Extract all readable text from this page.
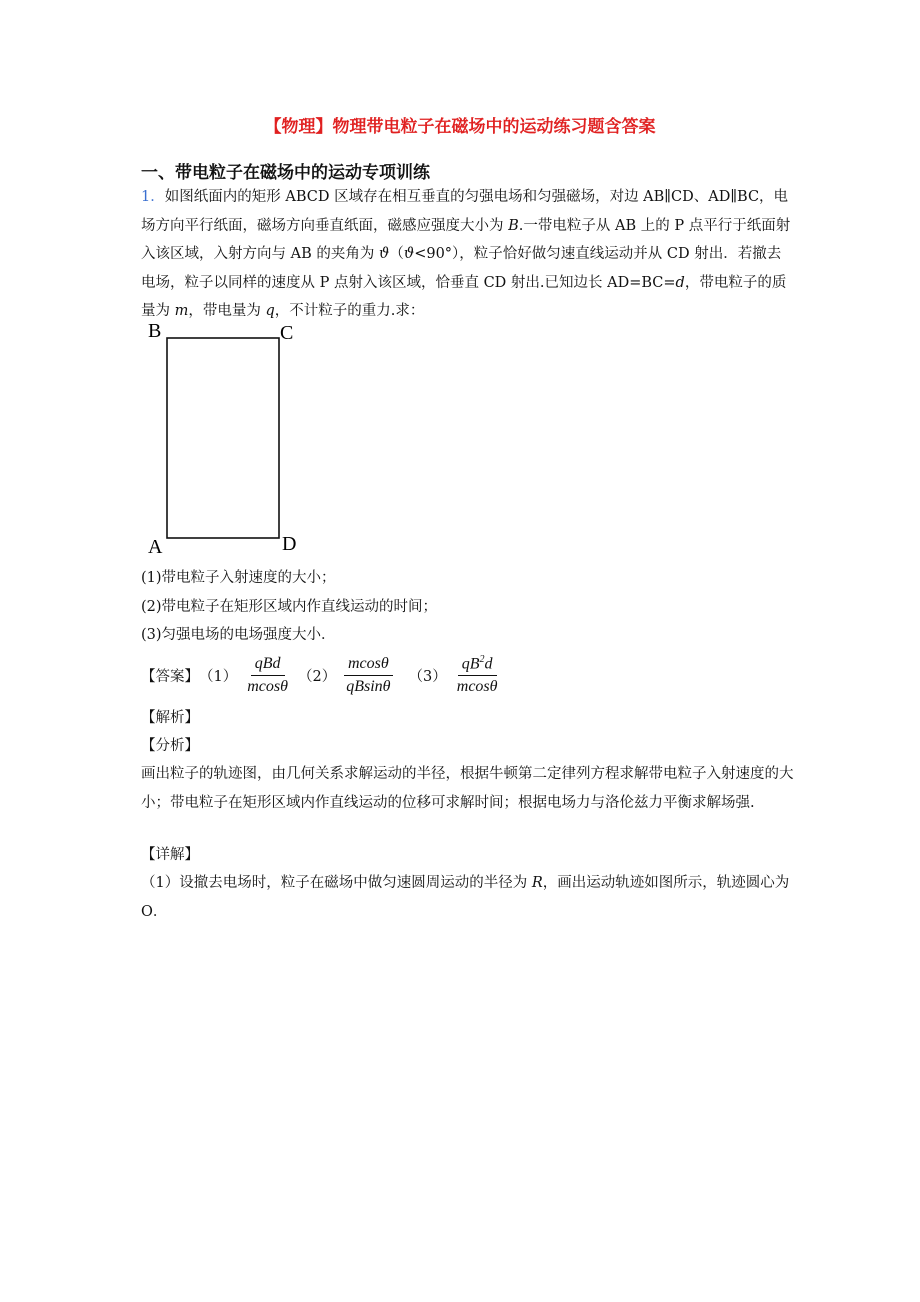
【物理】物理带电粒子在磁场中的运动练习题含答案
一、带电粒子在磁场中的运动专项训练
1．如图纸面内的矩形 ABCD 区域存在相互垂直的匀强电场和匀强磁场，对边 AB∥CD、AD∥BC，电场方向平行纸面，磁场方向垂直纸面，磁感应强度大小为 B.一带电粒子从 AB 上的 P 点平行于纸面射入该区域，入射方向与 AB 的夹角为 ϑ（ϑ<90°），粒子恰好做匀速直线运动并从 CD 射出．若撤去电场，粒子以同样的速度从 P 点射入该区域，恰垂直 CD 射出.已知边长 AD=BC=d，带电粒子的质量为 m，带电量为 q，不计粒子的重力.求：
B	C
A	D
(1)带电粒子入射速度的大小；
(2)带电粒子在矩形区域内作直线运动的时间；
(3)匀强电场的电场强度大小．
【答案】 $(1) \frac{\text{qBd}}{mcos\theta} (2) \frac{mcos\theta}{qBsin\theta} (3) \frac{qB^2d}{mcos\theta}$
【解析】
【分析】
画出粒子的轨迹图，由几何关系求解运动的半径，根据牛顿第二定律列方程求解带电粒子入射速度的大小；带电粒子在矩形区域内作直线运动的位移可求解时间；根据电场力与洛伦兹力平衡求解场强.
【详解】
（1）设撤去电场时，粒子在磁场中做匀速圆周运动的半径为 R，画出运动轨迹如图所示，轨迹圆心为 O．
